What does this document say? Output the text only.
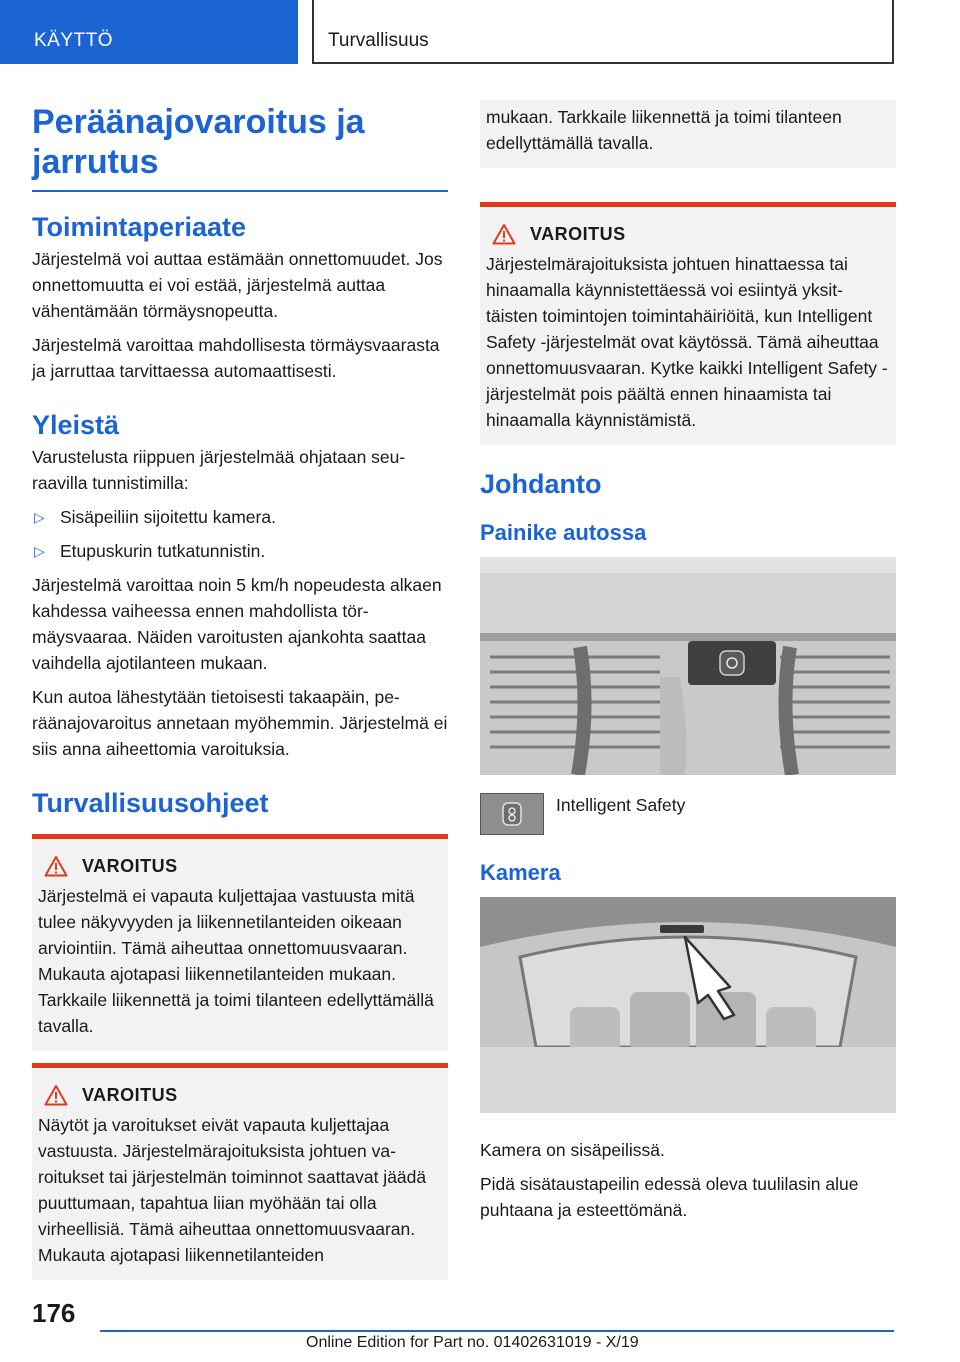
KÄYTTÖ	Turvallisuus
Peräänajovaroitus ja jarrutus
Toimintaperiaate

Järjestelmä voi auttaa estämään onnettomuudet. Jos onnettomuutta ei voi estää, järjestelmä auttaa vähentämään törmäysnopeutta.

Järjestelmä varoittaa mahdollisesta törmäysvaarasta ja jarruttaa tarvittaessa automaattisesti.

Yleistä

Varustelusta riippuen järjestelmää ohjataan seuraavilla tunnistimilla:

▷ Sisäpeiliin sijoitettu kamera.
▷ Etupuskurin tutkatunnistin.

Järjestelmä varoittaa noin 5 km/h nopeudesta alkaen kahdessa vaiheessa ennen mahdollista törmäysvaaraa. Näiden varoitusten ajankohta saattaa vaihdella ajotilanteen mukaan.

Kun autoa lähestytään tietoisesti takaapäin, peräänajovaroitus annetaan myöhemmin. Järjestelmä ei siis anna aiheettomia varoituksia.

Turvallisuusohjeet
VAROITUS

Järjestelmä ei vapauta kuljettajaa vastuusta mitä tulee näkyvyyden ja liikennetilanteiden oikeaan arviointiin. Tämä aiheuttaa onnettomuusvaaran. Mukauta ajotapasi liikennetilanteiden mukaan. Tarkkaile liikennettä ja toimi tilanteen edellyttämällä tavalla.

VAROITUS

Näytöt ja varoitukset eivät vapauta kuljettajaa vastuusta. Järjestelmärajoituksista johtuen varoitukset tai järjestelmän toiminnot saattavat jäädä puuttumaan, tapahtua liian myöhään tai olla virheellisiä. Tämä aiheuttaa onnettomuusvaaran. Mukauta ajotapasi liikennetilanteiden

mukaan. Tarkkaile liikennettä ja toimi tilanteen edellyttämällä tavalla.

VAROITUS

Järjestelmärajoituksista johtuen hinattaessa tai hinaamalla käynnistettäessä voi esiintyä yksittäisten toimintojen toimintahäiriöitä, kun Intelligent Safety -järjestelmät ovat käytössä. Tämä aiheuttaa onnettomuusvaaran. Kytke kaikki Intelligent Safety -järjestelmät pois päältä ennen hinaamista tai hinaamalla käynnistämistä.

Johdanto
Painike autossa
Intelligent Safety
Kamera

Kamera on sisäpeilissä.

Pidä sisätaustapeilin edessä oleva tuulilasin alue puhtaana ja esteettömänä.

176
Online Edition for Part no. 01402631019 - X/19
